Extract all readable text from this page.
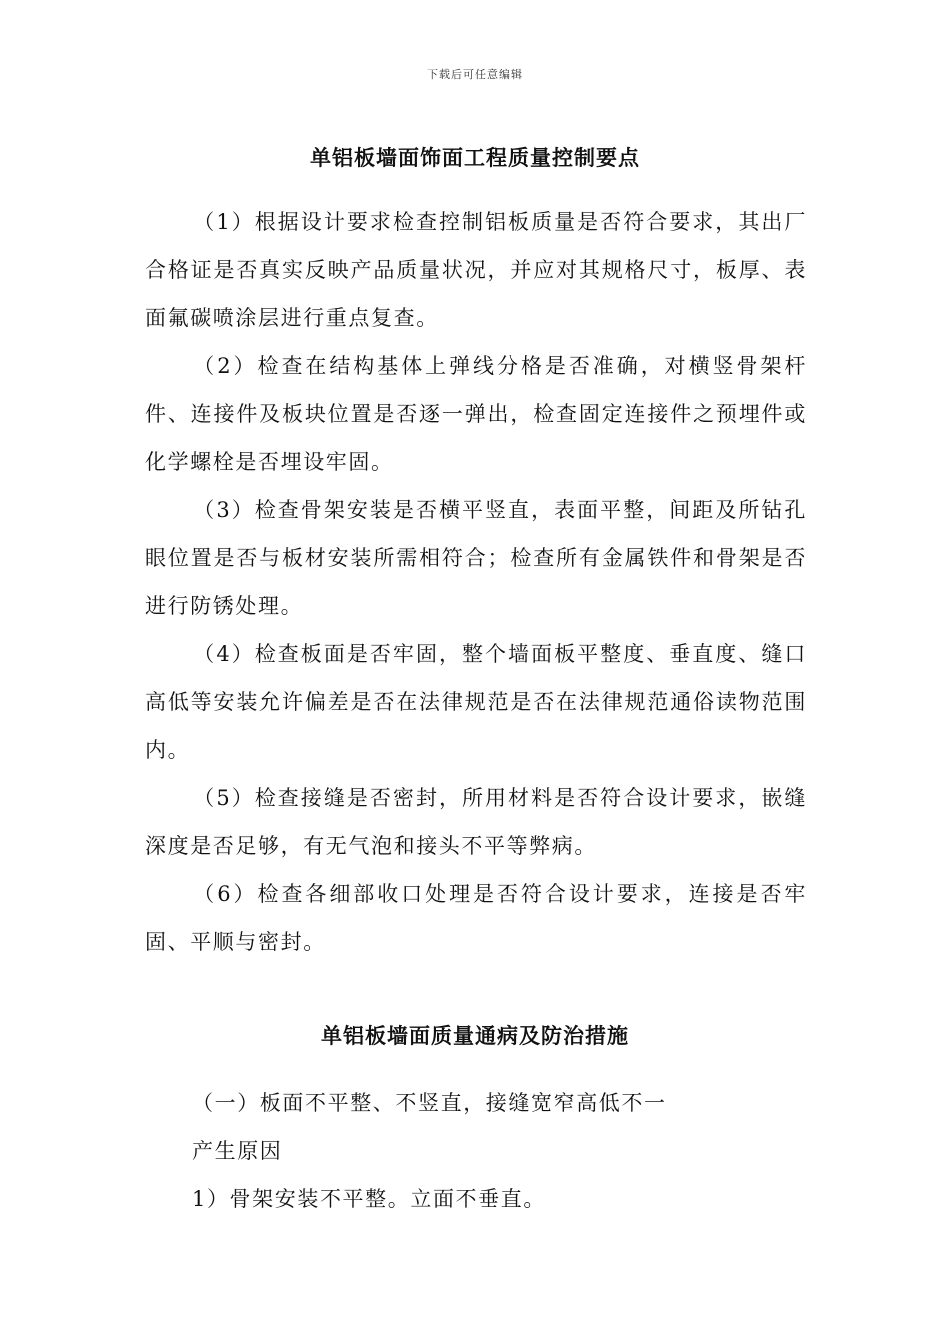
下载后可任意编辑
单铝板墙面饰面工程质量控制要点

（1）根据设计要求检查控制铝板质量是否符合要求，其出厂合格证是否真实反映产品质量状况，并应对其规格尺寸，板厚、表面氟碳喷涂层进行重点复查。

（2）检查在结构基体上弹线分格是否准确，对横竖骨架杆件、连接件及板块位置是否逐一弹出，检查固定连接件之预埋件或化学螺栓是否埋设牢固。

（3）检查骨架安装是否横平竖直，表面平整，间距及所钻孔眼位置是否与板材安装所需相符合；检查所有金属铁件和骨架是否进行防锈处理。

（4）检查板面是否牢固，整个墙面板平整度、垂直度、缝口高低等安装允许偏差是否在法律规范是否在法律规范通俗读物范围内。

（5）检查接缝是否密封，所用材料是否符合设计要求，嵌缝深度是否足够，有无气泡和接头不平等弊病。

（6）检查各细部收口处理是否符合设计要求，连接是否牢固、平顺与密封。

单铝板墙面质量通病及防治措施
（一）板面不平整、不竖直，接缝宽窄高低不一
产生原因
1）骨架安装不平整。立面不垂直。
